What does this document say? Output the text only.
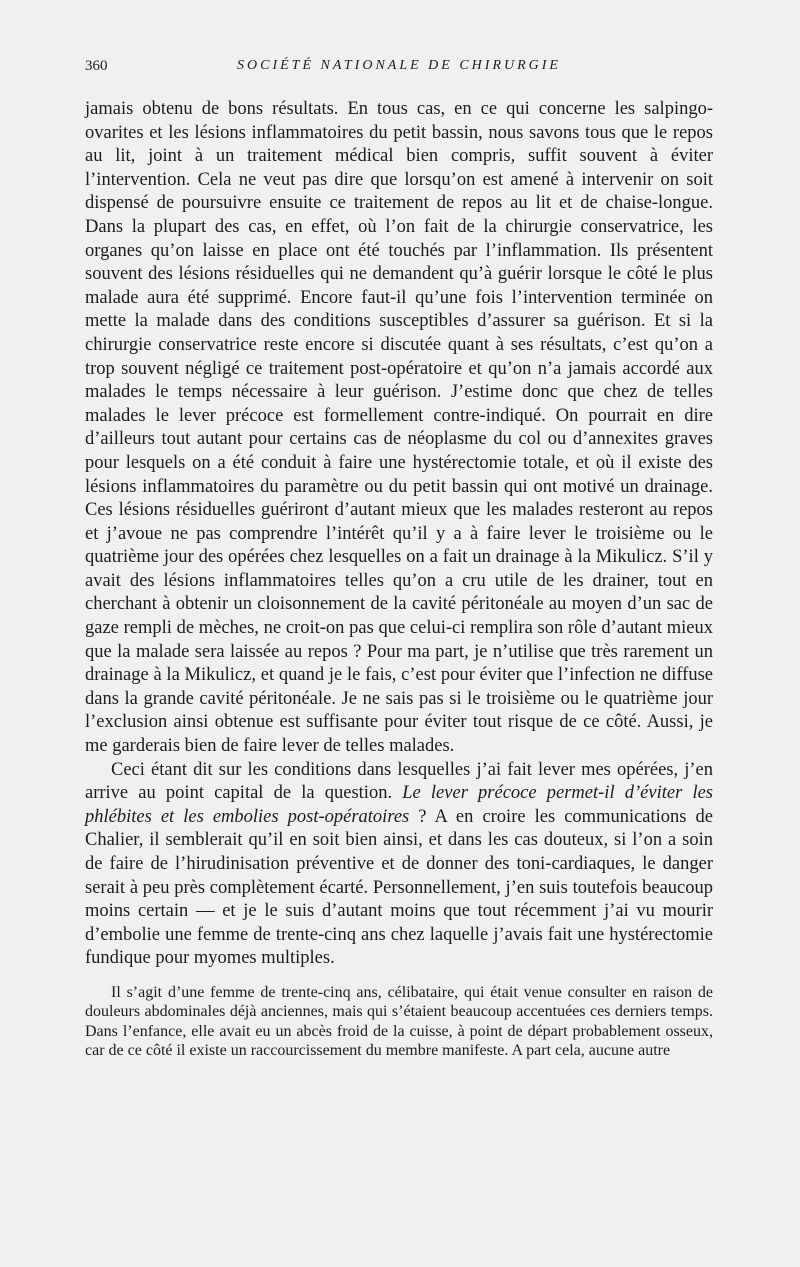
360	SOCIÉTÉ NATIONALE DE CHIRURGIE

jamais obtenu de bons résultats. En tous cas, en ce qui concerne les salpingo-ovarites et les lésions inflammatoires du petit bassin, nous savons tous que le repos au lit, joint à un traitement médical bien compris, suffit souvent à éviter l’intervention. Cela ne veut pas dire que lorsqu’on est amené à intervenir on soit dispensé de poursuivre ensuite ce traitement de repos au lit et de chaise-longue. Dans la plupart des cas, en effet, où l’on fait de la chirurgie conservatrice, les organes qu’on laisse en place ont été touchés par l’inflammation. Ils présentent souvent des lésions résiduelles qui ne demandent qu’à guérir lorsque le côté le plus malade aura été supprimé. Encore faut-il qu’une fois l’intervention terminée on mette la malade dans des conditions susceptibles d’assurer sa guérison. Et si la chirurgie conservatrice reste encore si discutée quant à ses résultats, c’est qu’on a trop souvent négligé ce traitement post-opératoire et qu’on n’a jamais accordé aux malades le temps nécessaire à leur guérison. J’estime donc que chez de telles malades le lever précoce est formellement contre-indiqué. On pourrait en dire d’ailleurs tout autant pour certains cas de néoplasme du col ou d’annexites graves pour lesquels on a été conduit à faire une hystérectomie totale, et où il existe des lésions inflammatoires du paramètre ou du petit bassin qui ont motivé un drainage. Ces lésions résiduelles guériront d’autant mieux que les malades resteront au repos et j’avoue ne pas comprendre l’intérêt qu’il y a à faire lever le troisième ou le quatrième jour des opérées chez lesquelles on a fait un drainage à la Mikulicz. S’il y avait des lésions inflammatoires telles qu’on a cru utile de les drainer, tout en cherchant à obtenir un cloisonnement de la cavité péritonéale au moyen d’un sac de gaze rempli de mèches, ne croit-on pas que celui-ci remplira son rôle d’autant mieux que la malade sera laissée au repos ? Pour ma part, je n’utilise que très rarement un drainage à la Mikulicz, et quand je le fais, c’est pour éviter que l’infection ne diffuse dans la grande cavité péritonéale. Je ne sais pas si le troisième ou le quatrième jour l’exclusion ainsi obtenue est suffisante pour éviter tout risque de ce côté. Aussi, je me garderais bien de faire lever de telles malades.

Ceci étant dit sur les conditions dans lesquelles j’ai fait lever mes opérées, j’en arrive au point capital de la question. Le lever précoce permet-il d’éviter les phlébites et les embolies post-opératoires ? A en croire les communications de Chalier, il semblerait qu’il en soit bien ainsi, et dans les cas douteux, si l’on a soin de faire de l’hirudinisation préventive et de donner des toni-cardiaques, le danger serait à peu près complètement écarté. Personnellement, j’en suis toutefois beaucoup moins certain — et je le suis d’autant moins que tout récemment j’ai vu mourir d’embolie une femme de trente-cinq ans chez laquelle j’avais fait une hystérectomie fundique pour myomes multiples.

Il s’agit d’une femme de trente-cinq ans, célibataire, qui était venue consulter en raison de douleurs abdominales déjà anciennes, mais qui s’étaient beaucoup accentuées ces derniers temps. Dans l’enfance, elle avait eu un abcès froid de la cuisse, à point de départ probablement osseux, car de ce côté il existe un raccourcissement du membre manifeste. A part cela, aucune autre
